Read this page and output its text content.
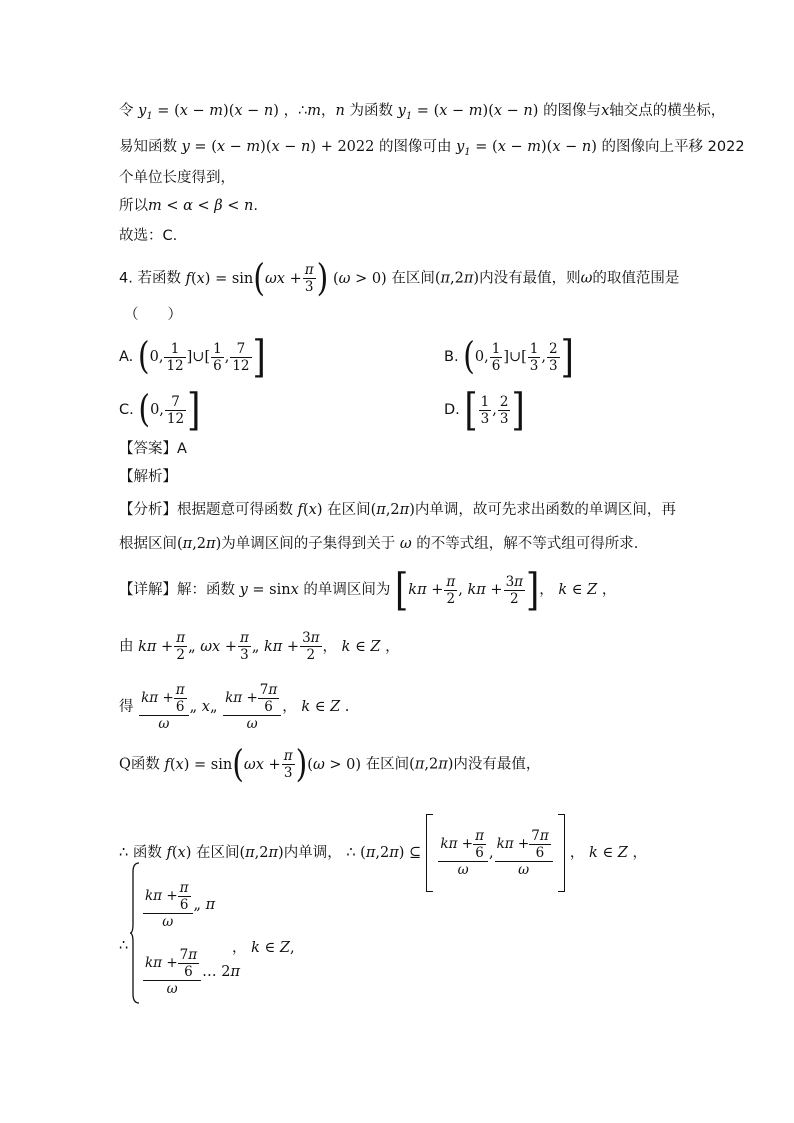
令 $y_1 = (x - m)(x - n)$ ，∴m，n 为函数 $y_1 = (x - m)(x - n)$ 的图像与x轴交点的横坐标，
易知函数 y = (x − m)(x − n) + 2022 的图像可由 $y_1 = (x - m)(x - n)$ 的图像向上平移 2022
个单位长度得到，
所以m < α < β < n.
故选：C.
4. 若函数 $f(x) = \sin(\omega x + \frac{\pi}{3}$ ) (ω > 0) 在区间(π,2π)内没有最值，则ω的取值范围是
（　　）
A. (0, $\frac{1}{12}$ ]∪[ $\frac{1}{6}$ , $\frac{7}{12}$ ]	B. (0, $\frac{1}{6}$ ]∪[ $\frac{1}{3}$ , $\frac{2}{3}$ ]
C. (0, $\frac{7}{12}$ ]	D. [ $\frac{1}{3}$ , $\frac{2}{3}$ ]
【答案】A
【解析】
【分析】根据题意可得函数 f(x) 在区间(π,2π)内单调，故可先求出函数的单调区间，再
根据区间(π,2π)为单调区间的子集得到关于 ω 的不等式组，解不等式组可得所求.
【详解】解：函数 y = sinx 的单调区间为 [$k\pi + \frac{\pi}{2}$ , $k\pi + \frac{3\pi}{2}$ ]， k ∈ Z ，
由 $k\pi + \frac{\pi}{2}$ „ $\omega x + \frac{\pi}{3}$ „ $k\pi + \frac{3\pi}{2}$ ， k ∈ Z ，
得 $\frac{k\pi + \frac{\pi}{6}}{\omega}$ „ x„ $\frac{k\pi + \frac{7\pi}{6}}{\omega}$ ， k ∈ Z .
Q函数 $f(x) = \sin(\omega x + \frac{\pi}{3} )(\omega > 0)$ 在区间(π,2π)内没有最值，
∴ 函数 f(x) 在区间(π,2π)内单调， ∴ (π,2π) ⊆ $\frac{k\pi + \frac{\pi}{6}}{\omega}$ , $\frac{k\pi + \frac{7\pi}{6}}{\omega}$ ， k ∈ Z ，
∴
$\frac{k\pi + \frac{\pi}{6}}{\omega}$ „ π
， k ∈ Z,
$\frac{k\pi + \frac{7\pi}{6}}{\omega}$ … 2π
